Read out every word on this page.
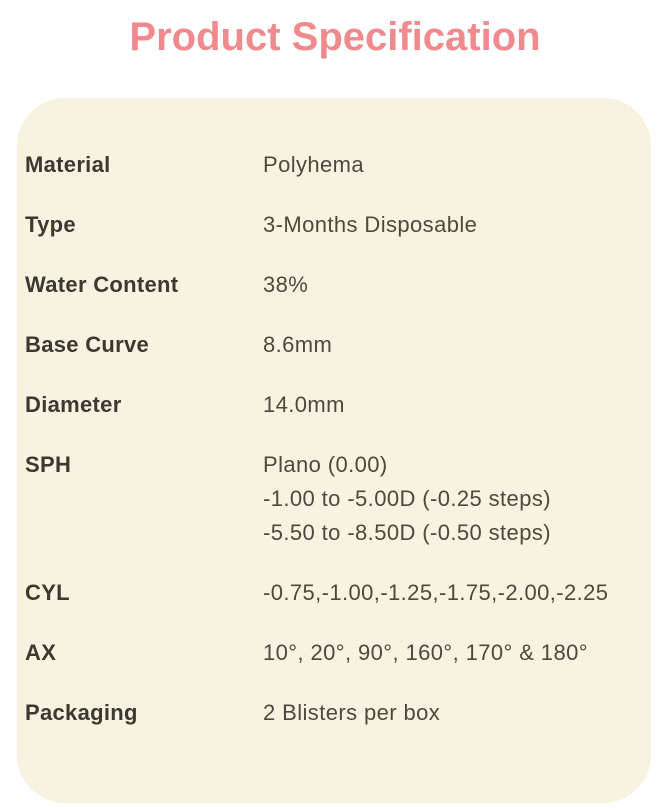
Product Specification
Material	Polyhema
Type	3-Months Disposable
Water Content	38%
Base Curve	8.6mm
Diameter	14.0mm
SPH	Plano (0.00)
-1.00 to -5.00D (-0.25 steps)
-5.50 to -8.50D (-0.50 steps)
CYL	-0.75,-1.00,-1.25,-1.75,-2.00,-2.25
AX	10°, 20°, 90°, 160°, 170° & 180°
Packaging	2 Blisters per box
